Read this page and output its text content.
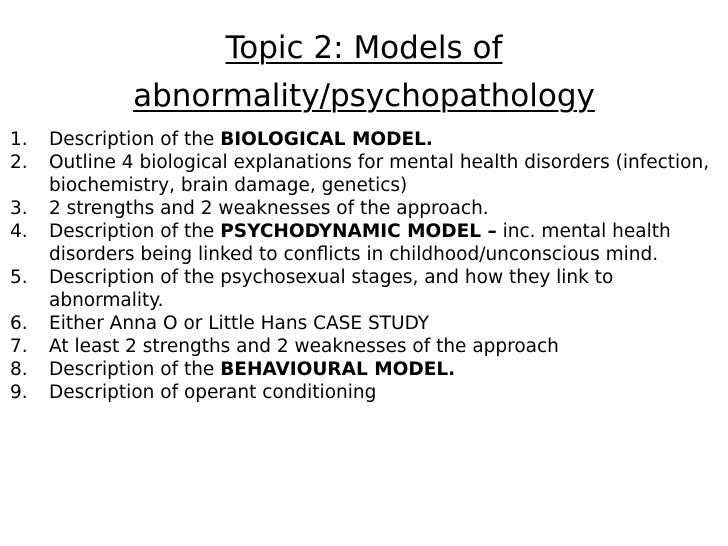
Topic 2: Models of
abnormality/psychopathology
1.	Description of the BIOLOGICAL MODEL.
2.	Outline 4 biological explanations for mental health disorders (infection, biochemistry, brain damage, genetics)
3.	2 strengths and 2 weaknesses of the approach.
4.	Description of the PSYCHODYNAMIC MODEL – inc. mental health disorders being linked to conflicts in childhood/unconscious mind.
5.	Description of the psychosexual stages, and how they link to abnormality.
6.	Either Anna O or Little Hans CASE STUDY
7.	At least 2 strengths and 2 weaknesses of the approach
8.	Description of the BEHAVIOURAL MODEL.
9.	Description of operant conditioning
